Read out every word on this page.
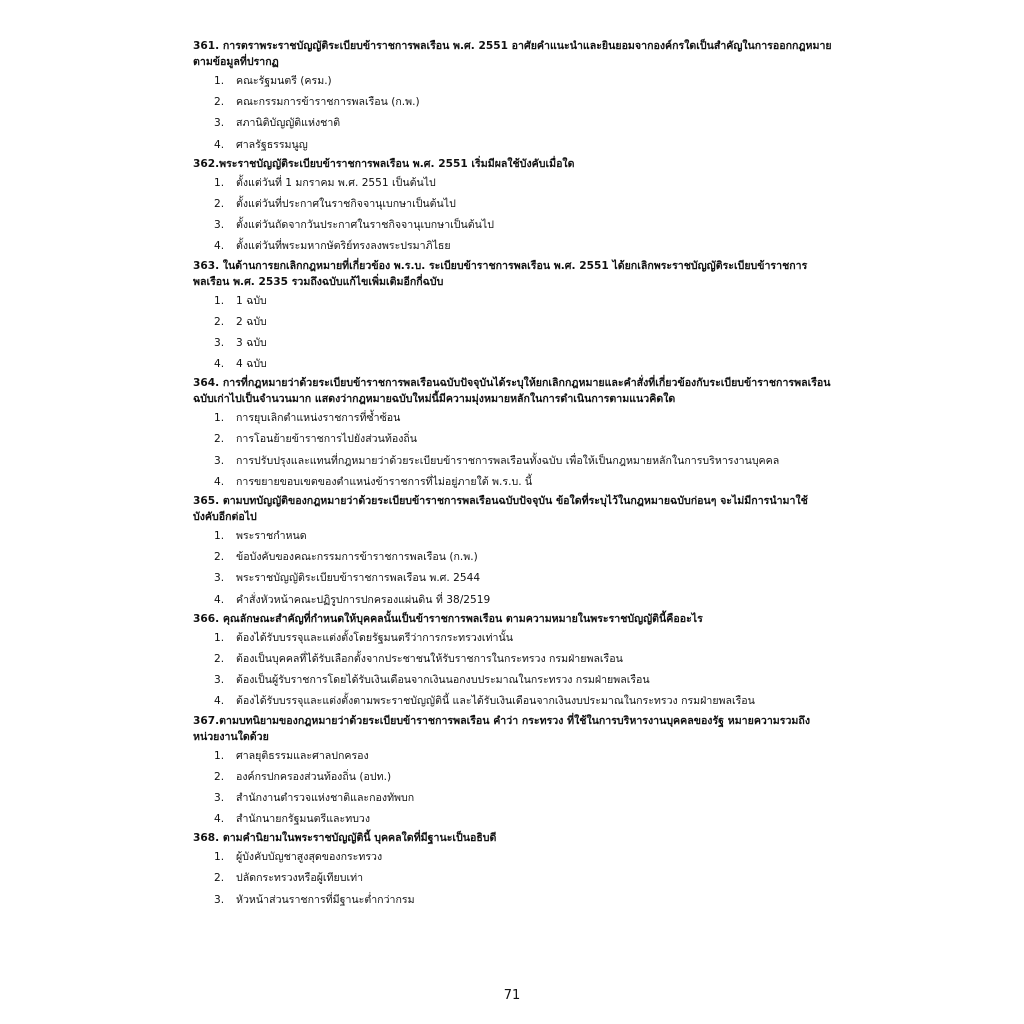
361. การตราพระราชบัญญัติระเบียบข้าราชการพลเรือน พ.ศ. 2551 อาศัยคำแนะนำและยินยอมจากองค์กรใดเป็นสำคัญในการออกกฎหมายตามข้อมูลที่ปรากฏ

1. คณะรัฐมนตรี (ครม.)
2. คณะกรรมการข้าราชการพลเรือน (ก.พ.)
3. สภานิติบัญญัติแห่งชาติ
4. ศาลรัฐธรรมนูญ

362.พระราชบัญญัติระเบียบข้าราชการพลเรือน พ.ศ. 2551 เริ่มมีผลใช้บังคับเมื่อใด

1. ตั้งแต่วันที่ 1 มกราคม พ.ศ. 2551 เป็นต้นไป
2. ตั้งแต่วันที่ประกาศในราชกิจจานุเบกษาเป็นต้นไป
3. ตั้งแต่วันถัดจากวันประกาศในราชกิจจานุเบกษาเป็นต้นไป
4. ตั้งแต่วันที่พระมหากษัตริย์ทรงลงพระปรมาภิไธย

363. ในด้านการยกเลิกกฎหมายที่เกี่ยวข้อง พ.ร.บ. ระเบียบข้าราชการพลเรือน พ.ศ. 2551 ได้ยกเลิกพระราชบัญญัติระเบียบข้าราชการพลเรือน พ.ศ. 2535 รวมถึงฉบับแก้ไขเพิ่มเติมอีกกี่ฉบับ

1. 1 ฉบับ
2. 2 ฉบับ
3. 3 ฉบับ
4. 4 ฉบับ

364. การที่กฎหมายว่าด้วยระเบียบข้าราชการพลเรือนฉบับปัจจุบันได้ระบุให้ยกเลิกกฎหมายและคำสั่งที่เกี่ยวข้องกับระเบียบข้าราชการพลเรือนฉบับเก่าไปเป็นจำนวนมาก แสดงว่ากฎหมายฉบับใหม่นี้มีความมุ่งหมายหลักในการดำเนินการตามแนวคิดใด

1. การยุบเลิกตำแหน่งราชการที่ซ้ำซ้อน
2. การโอนย้ายข้าราชการไปยังส่วนท้องถิ่น
3. การปรับปรุงและแทนที่กฎหมายว่าด้วยระเบียบข้าราชการพลเรือนทั้งฉบับ เพื่อให้เป็นกฎหมายหลักในการบริหารงานบุคคล
4. การขยายขอบเขตของตำแหน่งข้าราชการที่ไม่อยู่ภายใต้ พ.ร.บ. นี้

365. ตามบทบัญญัติของกฎหมายว่าด้วยระเบียบข้าราชการพลเรือนฉบับปัจจุบัน ข้อใดที่ระบุไว้ในกฎหมายฉบับก่อนๆ จะไม่มีการนำมาใช้บังคับอีกต่อไป

1. พระราชกำหนด
2. ข้อบังคับของคณะกรรมการข้าราชการพลเรือน (ก.พ.)
3. พระราชบัญญัติระเบียบข้าราชการพลเรือน พ.ศ. 2544
4. คำสั่งหัวหน้าคณะปฏิรูปการปกครองแผ่นดิน ที่ 38/2519

366. คุณลักษณะสำคัญที่กำหนดให้บุคคลนั้นเป็นข้าราชการพลเรือน ตามความหมายในพระราชบัญญัตินี้คืออะไร

1. ต้องได้รับบรรจุและแต่งตั้งโดยรัฐมนตรีว่าการกระทรวงเท่านั้น
2. ต้องเป็นบุคคลที่ได้รับเลือกตั้งจากประชาชนให้รับราชการในกระทรวง กรมฝ่ายพลเรือน
3. ต้องเป็นผู้รับราชการโดยได้รับเงินเดือนจากเงินนอกงบประมาณในกระทรวง กรมฝ่ายพลเรือน
4. ต้องได้รับบรรจุและแต่งตั้งตามพระราชบัญญัตินี้ และได้รับเงินเดือนจากเงินงบประมาณในกระทรวง กรมฝ่ายพลเรือน

367.ตามบทนิยามของกฎหมายว่าด้วยระเบียบข้าราชการพลเรือน คำว่า กระทรวง ที่ใช้ในการบริหารงานบุคคลของรัฐ หมายความรวมถึงหน่วยงานใดด้วย

1. ศาลยุติธรรมและศาลปกครอง
2. องค์กรปกครองส่วนท้องถิ่น (อปท.)
3. สำนักงานตำรวจแห่งชาติและกองทัพบก
4. สำนักนายกรัฐมนตรีและทบวง

368. ตามคำนิยามในพระราชบัญญัตินี้ บุคคลใดที่มีฐานะเป็นอธิบดี

1. ผู้บังคับบัญชาสูงสุดของกระทรวง
2. ปลัดกระทรวงหรือผู้เทียบเท่า
3. หัวหน้าส่วนราชการที่มีฐานะต่ำกว่ากรม
71
